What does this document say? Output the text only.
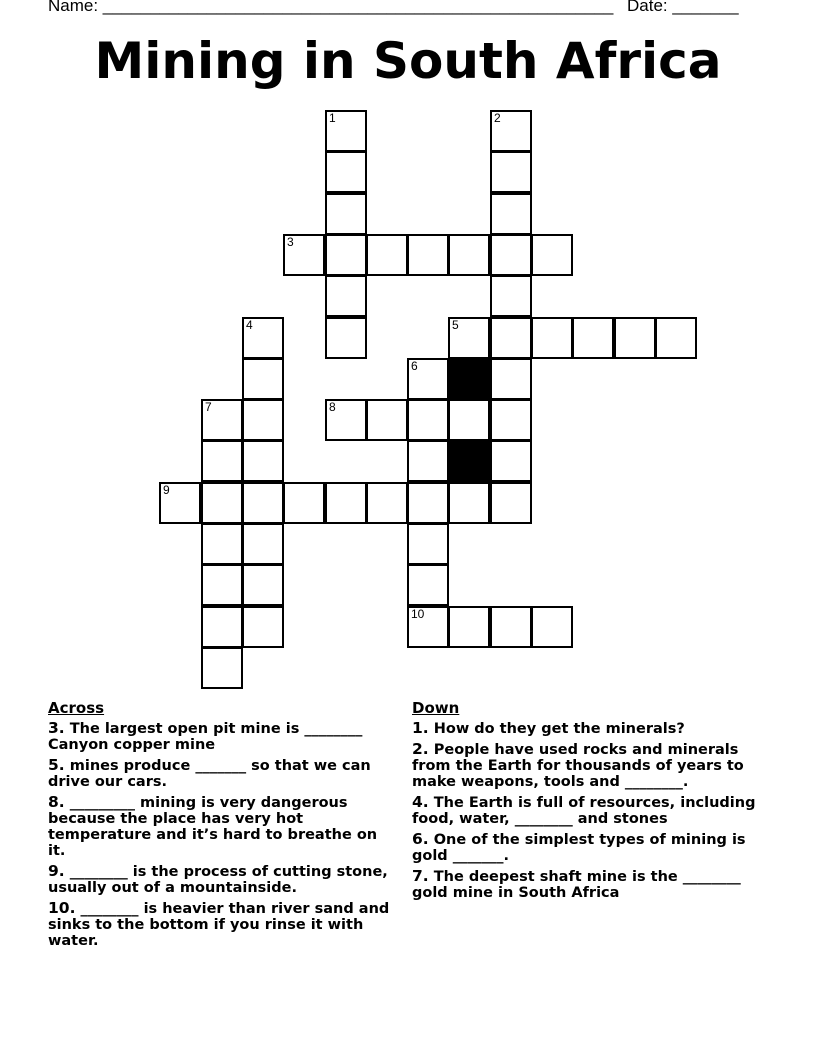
Name: ______________________________________________________ Date: _______
Mining in South Africa
1	2
3
5
4
6
7	8
9
10
Across
3. The largest open pit mine is ________ Canyon copper mine
5. mines produce _______ so that we can drive our cars.
8. _________ mining is very dangerous because the place has very hot temperature and it’s hard to breathe on it.
9. ________ is the process of cutting stone, usually out of a mountainside.
10. ________ is heavier than river sand and sinks to the bottom if you rinse it with water.
Down
1. How do they get the minerals?
2. People have used rocks and minerals from the Earth for thousands of years to make weapons, tools and ________.
4. The Earth is full of resources, including food, water, ________ and stones
6. One of the simplest types of mining is gold _______.
7. The deepest shaft mine is the ________ gold mine in South Africa
